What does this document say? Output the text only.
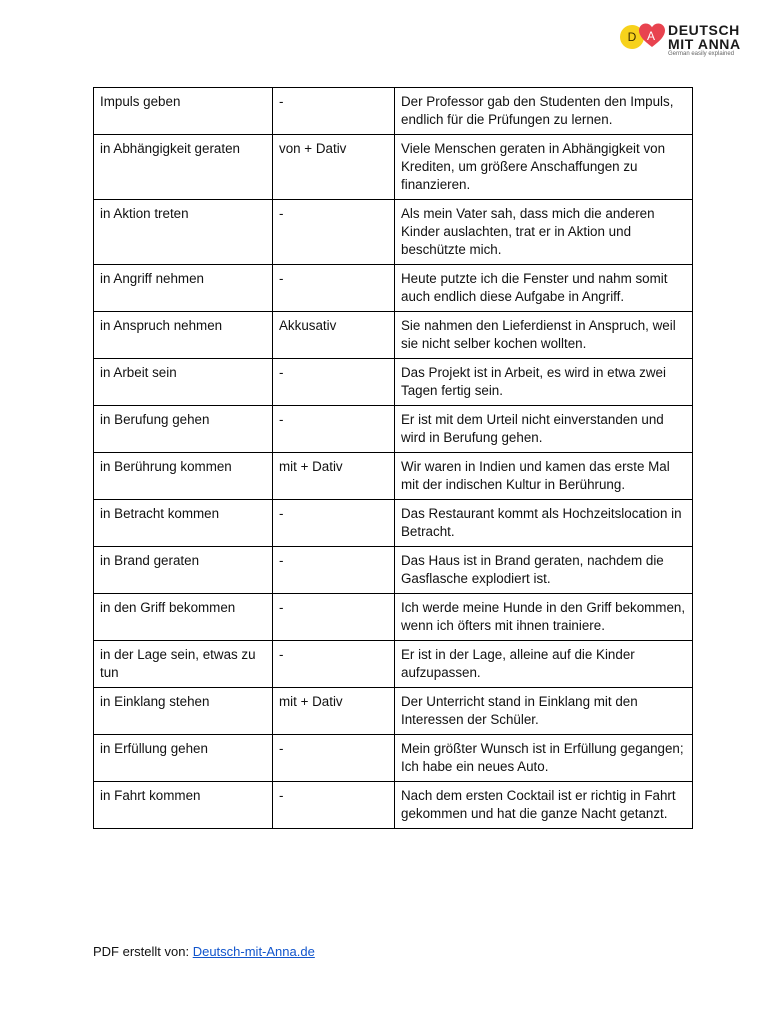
D A DEUTSCH
MIT ANNA
German easily explained
Impuls geben	-	Der Professor gab den Studenten den Impuls, endlich für die Prüfungen zu lernen.
in Abhängigkeit geraten	von + Dativ	Viele Menschen geraten in Abhängigkeit von Krediten, um größere Anschaffungen zu finanzieren.
in Aktion treten	-	Als mein Vater sah, dass mich die anderen Kinder auslachten, trat er in Aktion und beschützte mich.
in Angriff nehmen	-	Heute putzte ich die Fenster und nahm somit auch endlich diese Aufgabe in Angriff.
in Anspruch nehmen	Akkusativ	Sie nahmen den Lieferdienst in Anspruch, weil sie nicht selber kochen wollten.
in Arbeit sein	-	Das Projekt ist in Arbeit, es wird in etwa zwei Tagen fertig sein.
in Berufung gehen	-	Er ist mit dem Urteil nicht einverstanden und wird in Berufung gehen.
in Berührung kommen	mit + Dativ	Wir waren in Indien und kamen das erste Mal mit der indischen Kultur in Berührung.
in Betracht kommen	-	Das Restaurant kommt als Hochzeitslocation in Betracht.
in Brand geraten	-	Das Haus ist in Brand geraten, nachdem die Gasflasche explodiert ist.
in den Griff bekommen	-	Ich werde meine Hunde in den Griff bekommen, wenn ich öfters mit ihnen trainiere.
in der Lage sein, etwas zu tun	-	Er ist in der Lage, alleine auf die Kinder aufzupassen.
in Einklang stehen	mit + Dativ	Der Unterricht stand in Einklang mit den Interessen der Schüler.
in Erfüllung gehen	-	Mein größter Wunsch ist in Erfüllung gegangen; Ich habe ein neues Auto.
in Fahrt kommen	-	Nach dem ersten Cocktail ist er richtig in Fahrt gekommen und hat die ganze Nacht getanzt.
PDF erstellt von: Deutsch-mit-Anna.de
